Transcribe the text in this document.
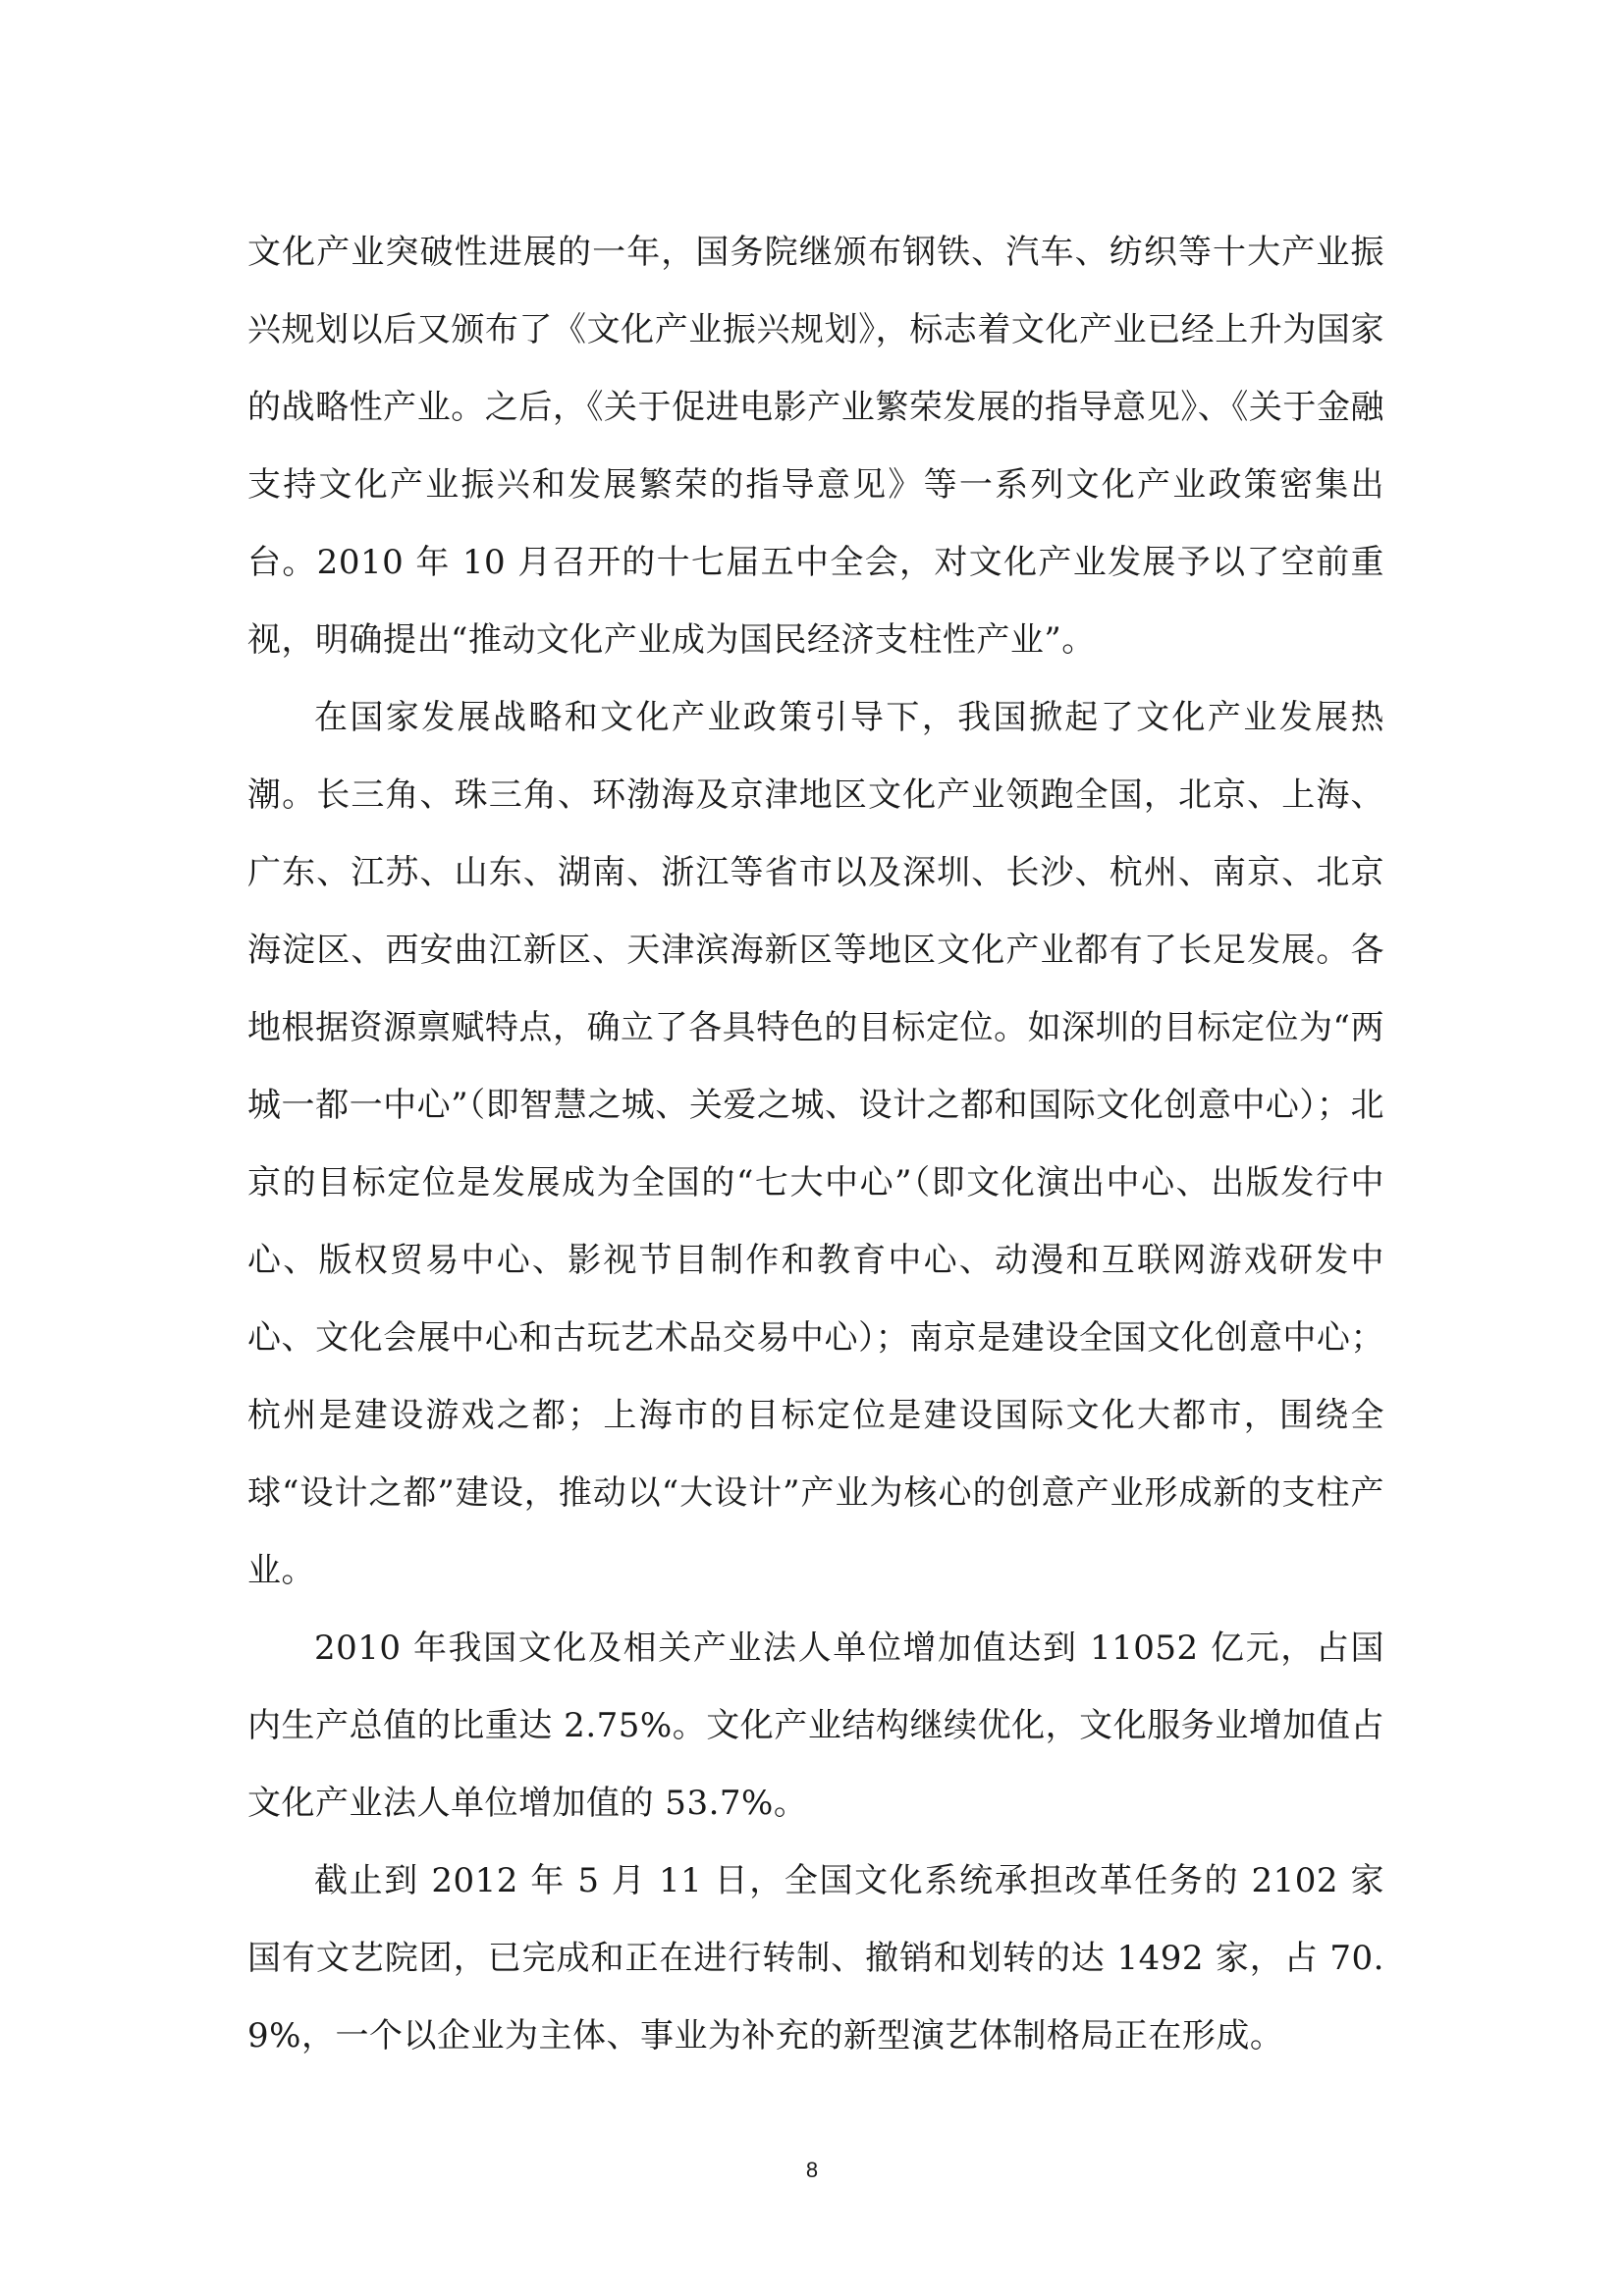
文化产业突破性进展的一年，国务院继颁布钢铁、汽车、纺织等十大产业振兴规划以后又颁布了《文化产业振兴规划》，标志着文化产业已经上升为国家的战略性产业。之后，《关于促进电影产业繁荣发展的指导意见》、《关于金融支持文化产业振兴和发展繁荣的指导意见》等一系列文化产业政策密集出台。2010 年 10 月召开的十七届五中全会，对文化产业发展予以了空前重视，明确提出“推动文化产业成为国民经济支柱性产业”。

在国家发展战略和文化产业政策引导下，我国掀起了文化产业发展热潮。长三角、珠三角、环渤海及京津地区文化产业领跑全国，北京、上海、广东、江苏、山东、湖南、浙江等省市以及深圳、长沙、杭州、南京、北京海淀区、西安曲江新区、天津滨海新区等地区文化产业都有了长足发展。各地根据资源禀赋特点，确立了各具特色的目标定位。如深圳的目标定位为“两城一都一中心”（即智慧之城、关爱之城、设计之都和国际文化创意中心）；北京的目标定位是发展成为全国的“七大中心”（即文化演出中心、出版发行中心、版权贸易中心、影视节目制作和教育中心、动漫和互联网游戏研发中心、文化会展中心和古玩艺术品交易中心）；南京是建设全国文化创意中心；杭州是建设游戏之都；上海市的目标定位是建设国际文化大都市，围绕全球“设计之都”建设，推动以“大设计”产业为核心的创意产业形成新的支柱产业。

2010 年我国文化及相关产业法人单位增加值达到 11052 亿元，占国内生产总值的比重达 2.75%。文化产业结构继续优化，文化服务业增加值占文化产业法人单位增加值的 53.7%。

截止到 2012 年 5 月 11 日，全国文化系统承担改革任务的 2102 家国有文艺院团，已完成和正在进行转制、撤销和划转的达 1492 家，占 70.9%，一个以企业为主体、事业为补充的新型演艺体制格局正在形成。

8
